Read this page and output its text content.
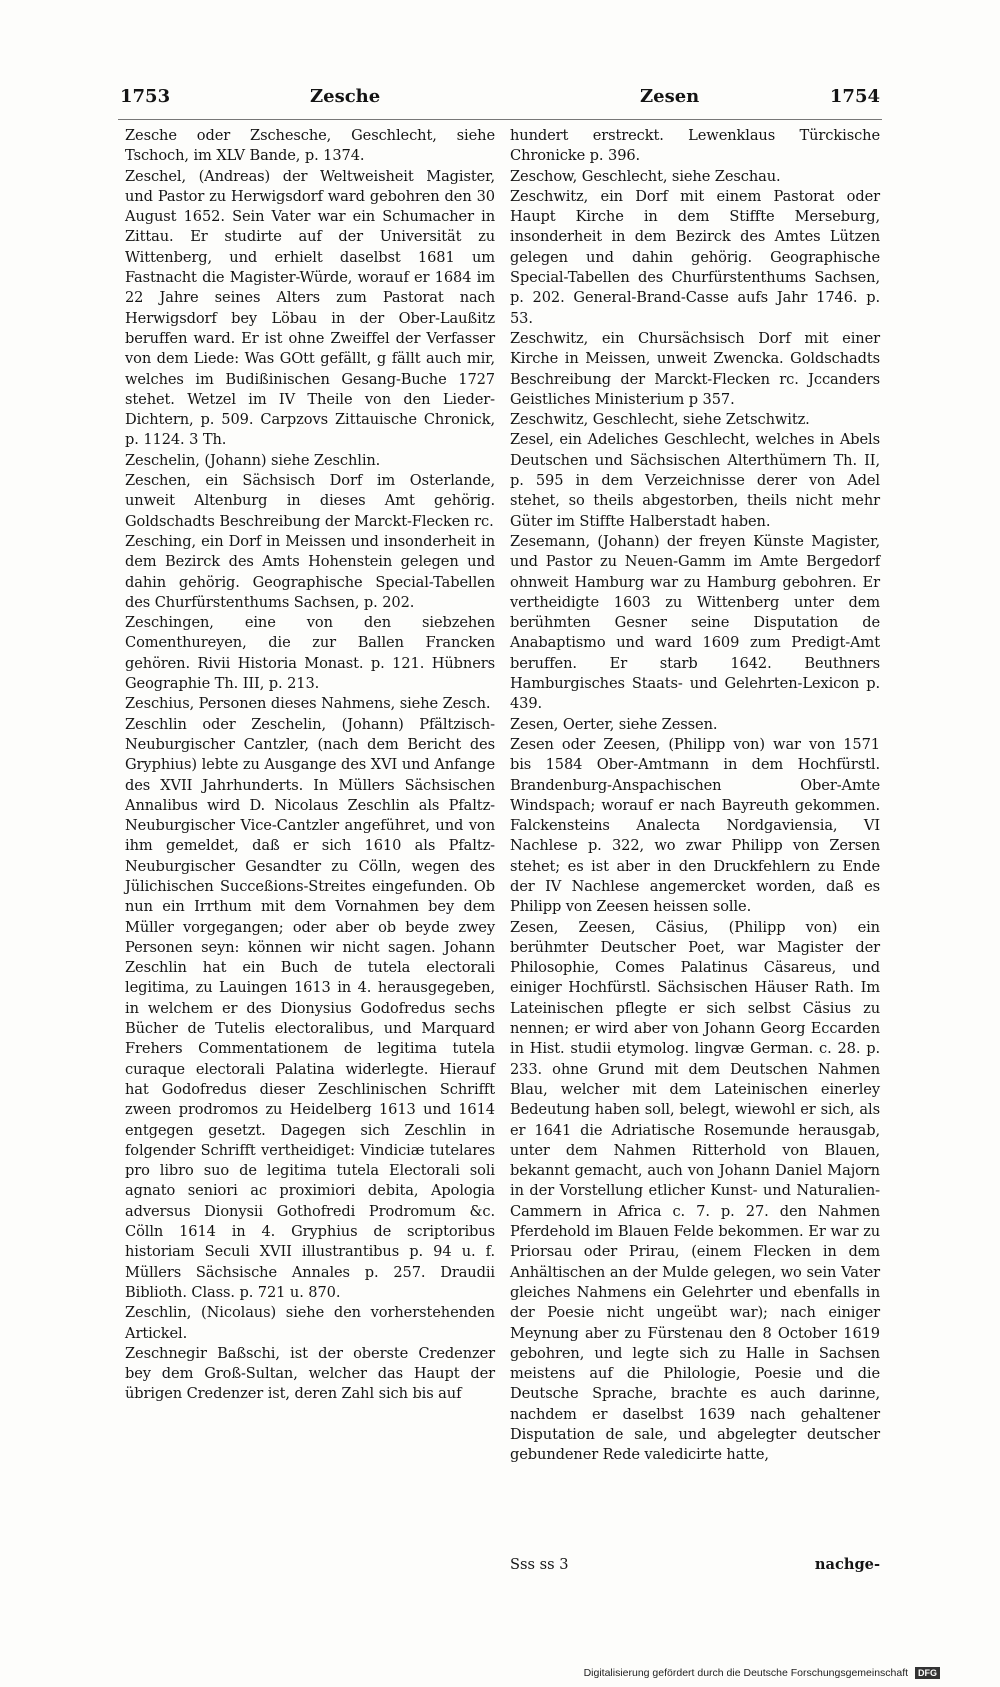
1753	Zesche	Zesen	1754

Zesche oder Zschesche, Geschlecht, siehe Tschoch, im XLV Bande, p. 1374.

Zeschel, (Andreas) der Weltweisheit Magister, und Pastor zu Herwigsdorf ward gebohren den 30 August 1652. Sein Vater war ein Schumacher in Zittau. Er studirte auf der Universität zu Wittenberg, und erhielt daselbst 1681 um Fastnacht die Magister-Würde, worauf er 1684 im 22 Jahre seines Alters zum Pastorat nach Herwigsdorf bey Löbau in der Ober-Laußitz beruffen ward. Er ist ohne Zweiffel der Verfasser von dem Liede: Was GOtt gefällt, g fällt auch mir, welches im Budißinischen Gesang-Buche 1727 stehet. Wetzel im IV Theile von den Lieder-Dichtern, p. 509. Carpzovs Zittauische Chronick, p. 1124. 3 Th.

Zeschelin, (Johann) siehe Zeschlin.

Zeschen, ein Sächsisch Dorf im Osterlande, unweit Altenburg in dieses Amt gehörig. Goldschadts Beschreibung der Marckt-Flecken rc.

Zesching, ein Dorf in Meissen und insonderheit in dem Bezirck des Amts Hohenstein gelegen und dahin gehörig. Geographische Special-Tabellen des Churfürstenthums Sachsen, p. 202.

Zeschingen, eine von den siebzehen Comenthureyen, die zur Ballen Francken gehören. Rivii Historia Monast. p. 121. Hübners Geographie Th. III, p. 213.

Zeschius, Personen dieses Nahmens, siehe Zesch.

Zeschlin oder Zeschelin, (Johann) Pfältzisch-Neuburgischer Cantzler, (nach dem Bericht des Gryphius) lebte zu Ausgange des XVI und Anfange des XVII Jahrhunderts. In Müllers Sächsischen Annalibus wird D. Nicolaus Zeschlin als Pfaltz-Neuburgischer Vice-Cantzler angeführet, und von ihm gemeldet, daß er sich 1610 als Pfaltz-Neuburgischer Gesandter zu Cölln, wegen des Jülichischen Succeßions-Streites eingefunden. Ob nun ein Irrthum mit dem Vornahmen bey dem Müller vorgegangen; oder aber ob beyde zwey Personen seyn: können wir nicht sagen. Johann Zeschlin hat ein Buch de tutela electorali legitima, zu Lauingen 1613 in 4. herausgegeben, in welchem er des Dionysius Godofredus sechs Bücher de Tutelis electoralibus, und Marquard Frehers Commentationem de legitima tutela curaque electorali Palatina widerlegte. Hierauf hat Godofredus dieser Zeschlinischen Schrifft zween prodromos zu Heidelberg 1613 und 1614 entgegen gesetzt. Dagegen sich Zeschlin in folgender Schrifft vertheidiget: Vindiciæ tutelares pro libro suo de legitima tutela Electorali soli agnato seniori ac proximiori debita, Apologia adversus Dionysii Gothofredi Prodromum &c. Cölln 1614 in 4. Gryphius de scriptoribus historiam Seculi XVII illustrantibus p. 94 u. f. Müllers Sächsische Annales p. 257. Draudii Biblioth. Class. p. 721 u. 870.

Zeschlin, (Nicolaus) siehe den vorherstehenden Artickel.

Zeschnegir Baßschi, ist der oberste Credenzer bey dem Groß-Sultan, welcher das Haupt der übrigen Credenzer ist, deren Zahl sich bis auf

hundert erstreckt. Lewenklaus Türckische Chronicke p. 396.

Zeschow, Geschlecht, siehe Zeschau.

Zeschwitz, ein Dorf mit einem Pastorat oder Haupt Kirche in dem Stiffte Merseburg, insonderheit in dem Bezirck des Amtes Lützen gelegen und dahin gehörig. Geographische Special-Tabellen des Churfürstenthums Sachsen, p. 202. General-Brand-Casse aufs Jahr 1746. p. 53.

Zeschwitz, ein Chursächsisch Dorf mit einer Kirche in Meissen, unweit Zwencka. Goldschadts Beschreibung der Marckt-Flecken rc. Jccanders Geistliches Ministerium p 357.

Zeschwitz, Geschlecht, siehe Zetschwitz.

Zesel, ein Adeliches Geschlecht, welches in Abels Deutschen und Sächsischen Alterthümern Th. II, p. 595 in dem Verzeichnisse derer von Adel stehet, so theils abgestorben, theils nicht mehr Güter im Stiffte Halberstadt haben.

Zesemann, (Johann) der freyen Künste Magister, und Pastor zu Neuen-Gamm im Amte Bergedorf ohnweit Hamburg war zu Hamburg gebohren. Er vertheidigte 1603 zu Wittenberg unter dem berühmten Gesner seine Disputation de Anabaptismo und ward 1609 zum Predigt-Amt beruffen. Er starb 1642. Beuthners Hamburgisches Staats- und Gelehrten-Lexicon p. 439.

Zesen, Oerter, siehe Zessen.

Zesen oder Zeesen, (Philipp von) war von 1571 bis 1584 Ober-Amtmann in dem Hochfürstl. Brandenburg-Anspachischen Ober-Amte Windspach; worauf er nach Bayreuth gekommen. Falckensteins Analecta Nordgaviensia, VI Nachlese p. 322, wo zwar Philipp von Zersen stehet; es ist aber in den Druckfehlern zu Ende der IV Nachlese angemercket worden, daß es Philipp von Zeesen heissen solle.

Zesen, Zeesen, Cäsius, (Philipp von) ein berühmter Deutscher Poet, war Magister der Philosophie, Comes Palatinus Cäsareus, und einiger Hochfürstl. Sächsischen Häuser Rath. Im Lateinischen pflegte er sich selbst Cäsius zu nennen; er wird aber von Johann Georg Eccarden in Hist. studii etymolog. lingvæ German. c. 28. p. 233. ohne Grund mit dem Deutschen Nahmen Blau, welcher mit dem Lateinischen einerley Bedeutung haben soll, belegt, wiewohl er sich, als er 1641 die Adriatische Rosemunde herausgab, unter dem Nahmen Ritterhold von Blauen, bekannt gemacht, auch von Johann Daniel Majorn in der Vorstellung etlicher Kunst- und Naturalien-Cammern in Africa c. 7. p. 27. den Nahmen Pferdehold im Blauen Felde bekommen. Er war zu Priorsau oder Prirau, (einem Flecken in dem Anhältischen an der Mulde gelegen, wo sein Vater gleiches Nahmens ein Gelehrter und ebenfalls in der Poesie nicht ungeübt war); nach einiger Meynung aber zu Fürstenau den 8 October 1619 gebohren, und legte sich zu Halle in Sachsen meistens auf die Philologie, Poesie und die Deutsche Sprache, brachte es auch darinne, nachdem er daselbst 1639 nach gehaltener Disputation de sale, und abgelegter deutscher gebundener Rede valedicirte hatte,

Sss ss 3	nachge-
Digitalisierung gefördert durch die Deutsche Forschungsgemeinschaft DFG
